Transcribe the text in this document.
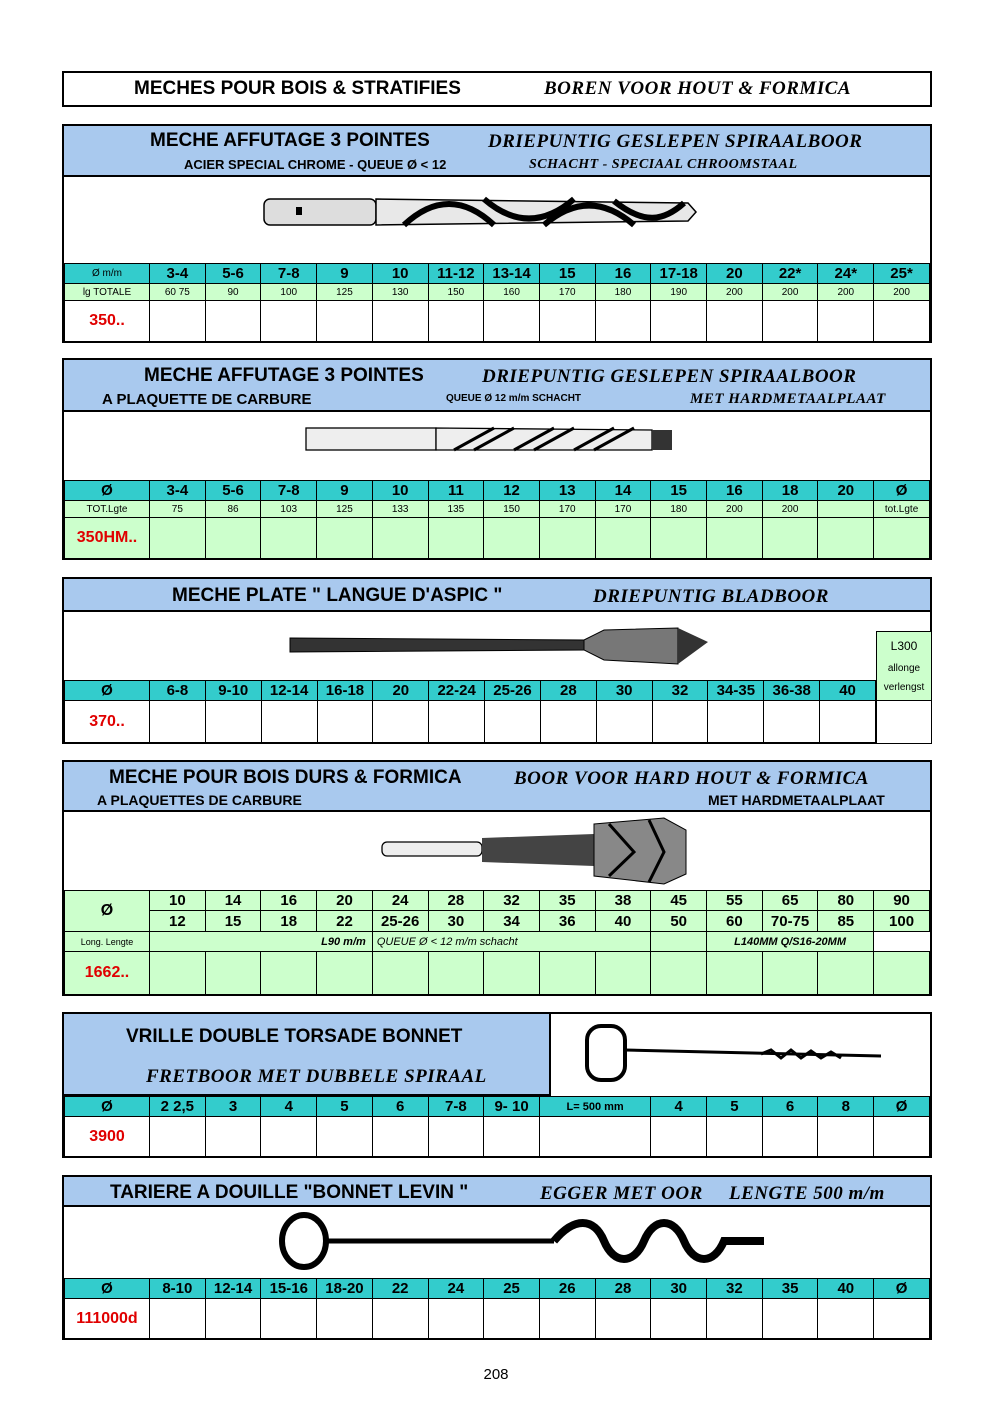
MECHES POUR BOIS & STRATIFIES	BOREN VOOR HOUT & FORMICA
MECHE AFFUTAGE 3 POINTES	DRIEPUNTIG GESLEPEN SPIRAALBOOR
ACIER SPECIAL CHROME - QUEUE Ø < 12	SCHACHT - SPECIAAL CHROOMSTAAL
Ø m/m	3-4	5-6	7-8	9	10	11-12	13-14	15	16	17-18	20	22*	24*	25*
lg TOTALE	60 75	90	100	125	130	150	160	170	180	190	200	200	200	200
350..														
MECHE AFFUTAGE 3 POINTES	DRIEPUNTIG GESLEPEN SPIRAALBOOR
A PLAQUETTE DE CARBURE	QUEUE Ø 12 m/m SCHACHT	MET HARDMETAALPLAAT
Ø	3-4	5-6	7-8	9	10	11	12	13	14	15	16	18	20	Ø
TOT.Lgte	75	86	103	125	133	135	150	170	170	180	200	200		tot.Lgte
350HM..														
MECHE PLATE " LANGUE D'ASPIC "	DRIEPUNTIG BLADBOOR
L300
allonge
verlengst
Ø	6-8	9-10	12-14	16-18	20	22-24	25-26	28	30	32	34-35	36-38	40
370..													
MECHE POUR BOIS DURS & FORMICA	BOOR VOOR HARD HOUT & FORMICA
A PLAQUETTES DE CARBURE	MET HARDMETAALPLAAT
Ø	10	14	16	20	24	28	32	35	38	45	55	65	80	90
	12	15	18	22	25-26	30	34	36	40	50	60	70-75	85	100
Long. Lengte	L90 m/m				QUEUE Ø < 12 m/m schacht						L140MM Q/S16-20MM			
1662..														
VRILLE DOUBLE TORSADE BONNET
FRETBOOR MET DUBBELE SPIRAAL
Ø	2 2,5	3	4	5	6	7-8	9- 10	L= 500 mm	4	5	6	8	Ø
3900													
TARIERE A DOUILLE "BONNET LEVIN "	EGGER MET OOR     LENGTE 500 m/m
Ø	8-10	12-14	15-16	18-20	22	24	25	26	28	30	32	35	40	Ø
111000d														
208
